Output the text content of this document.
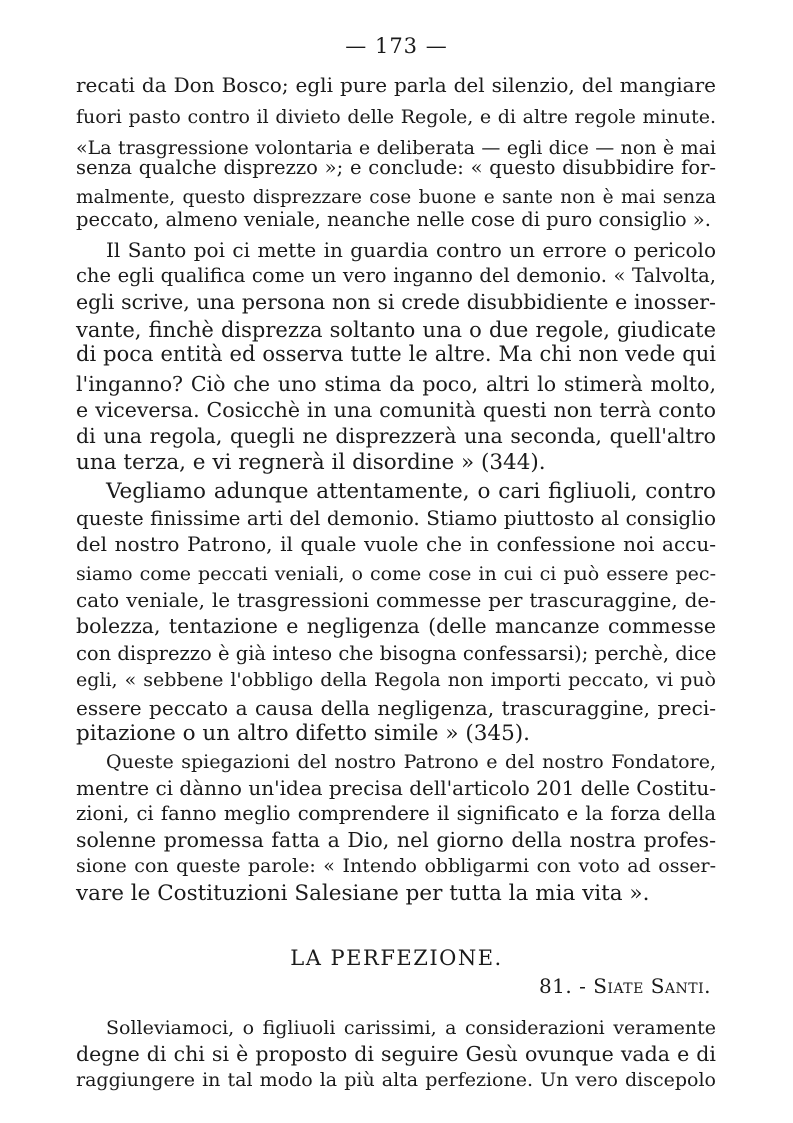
— 173 —
recati da Don Bosco; egli pure parla del silenzio, del mangiare
fuori pasto contro il divieto delle Regole, e di altre regole minute.
«La trasgressione volontaria e deliberata — egli dice — non è mai
senza qualche disprezzo »; e conclude: « questo disubbidire for-
malmente, questo disprezzare cose buone e sante non è mai senza
peccato, almeno veniale, neanche nelle cose di puro consiglio ».
Il Santo poi ci mette in guardia contro un errore o pericolo
che egli qualifica come un vero inganno del demonio. « Talvolta,
egli scrive, una persona non si crede disubbidiente e inosser-
vante, finchè disprezza soltanto una o due regole, giudicate
di poca entità ed osserva tutte le altre. Ma chi non vede qui
l'inganno? Ciò che uno stima da poco, altri lo stimerà molto,
e viceversa. Cosicchè in una comunità questi non terrà conto
di una regola, quegli ne disprezzerà una seconda, quell'altro
una terza, e vi regnerà il disordine » (344).
Vegliamo adunque attentamente, o cari figliuoli, contro
queste finissime arti del demonio. Stiamo piuttosto al consiglio
del nostro Patrono, il quale vuole che in confessione noi accu-
siamo come peccati veniali, o come cose in cui ci può essere pec-
cato veniale, le trasgressioni commesse per trascuraggine, de-
bolezza, tentazione e negligenza (delle mancanze commesse
con disprezzo è già inteso che bisogna confessarsi); perchè, dice
egli, « sebbene l'obbligo della Regola non importi peccato, vi può
essere peccato a causa della negligenza, trascuraggine, preci-
pitazione o un altro difetto simile » (345).
Queste spiegazioni del nostro Patrono e del nostro Fondatore,
mentre ci dànno un'idea precisa dell'articolo 201 delle Costitu-
zioni, ci fanno meglio comprendere il significato e la forza della
solenne promessa fatta a Dio, nel giorno della nostra profes-
sione con queste parole: « Intendo obbligarmi con voto ad osser-
vare le Costituzioni Salesiane per tutta la mia vita ».
LA PERFEZIONE.
81. - Siate Santi.
Solleviamoci, o figliuoli carissimi, a considerazioni veramente
degne di chi si è proposto di seguire Gesù ovunque vada e di
raggiungere in tal modo la più alta perfezione. Un vero discepolo
